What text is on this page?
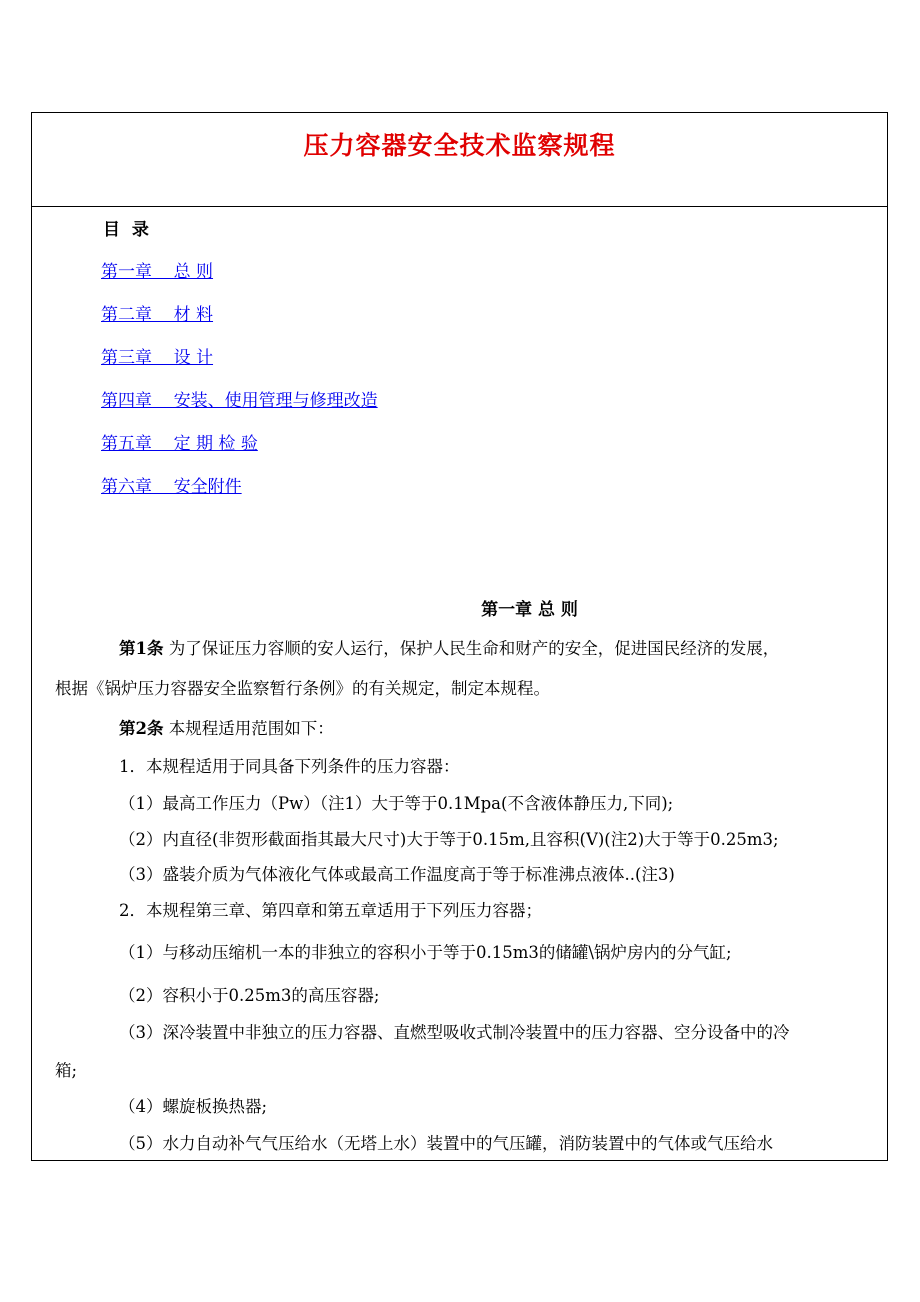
压力容器安全技术监察规程
目  录
第一章    总 则
第二章    材 料
第三章    设 计
第四章    安装、使用管理与修理改造
第五章    定 期 检 验
第六章    安全附件
第一章 总 则
第1条 为了保证压力容顺的安人运行，保护人民生命和财产的安全，促进国民经济的发展，
根据《锅炉压力容器安全监察暂行条例》的有关规定，制定本规程。
第2条 本规程适用范围如下：
1．本规程适用于同具备下列条件的压力容器：
（1）最高工作压力（Pw）（注1）大于等于0.1Mpa(不含液体静压力,下同);
（2）内直径(非贺形截面指其最大尺寸)大于等于0.15m,且容积(V)(注2)大于等于0.25m3;
（3）盛装介质为气体液化气体或最高工作温度高于等于标准沸点液体..(注3)
2．本规程第三章、第四章和第五章适用于下列压力容器；
（1）与移动压缩机一本的非独立的容积小于等于0.15m3的储罐\锅炉房内的分气缸;
（2）容积小于0.25m3的高压容器;
（3）深冷装置中非独立的压力容器、直燃型吸收式制冷装置中的压力容器、空分设备中的冷
箱;
（4）螺旋板换热器;
（5）水力自动补气气压给水（无塔上水）装置中的气压罐，消防装置中的气体或气压给水
